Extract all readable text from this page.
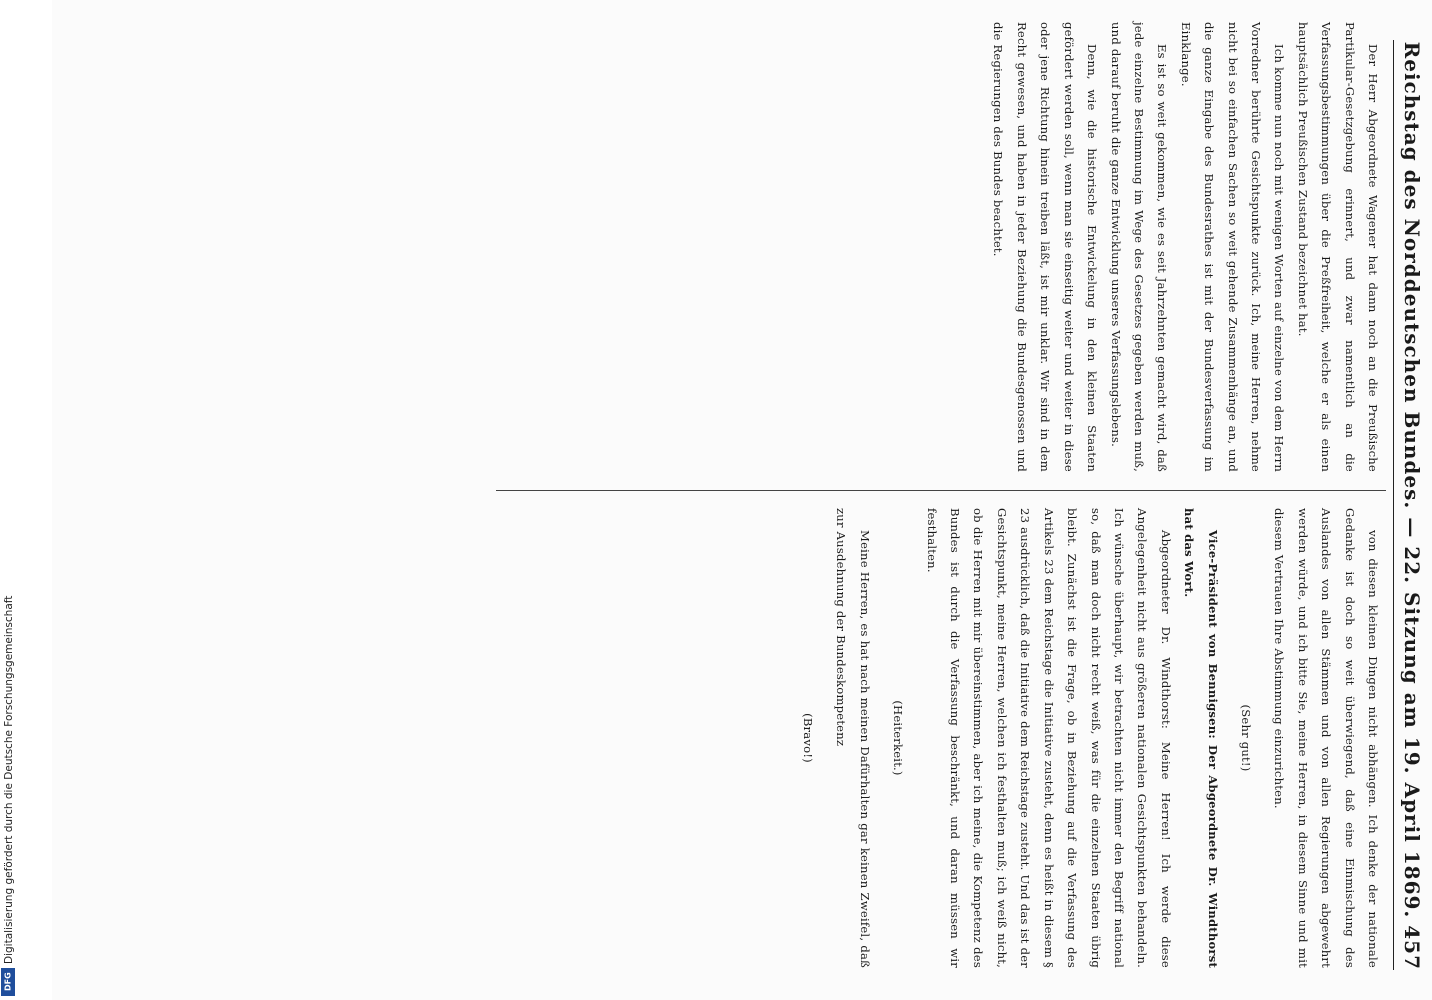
Reichstag des Norddeutschen Bundes. — 22. Sitzung am 19. April 1869.
457

Der Herr Abgeordnete Wagener hat dann noch an die Preußische Partikular-Gesetzgebung erinnert, und zwar namentlich an die Verfassungsbestimmungen über die Preßfreiheit, welche er als einen hauptsächlich Preußischen Zustand bezeichnet hat.

Ich komme nun noch mit wenigen Worten auf einzelne von dem Herrn Vorredner berührte Gesichtspunkte zurück. Ich, meine Herren, nehme nicht bei so einfachen Sachen so weit gehende Zusammenhänge an, und die ganze Eingabe des Bundesrathes ist mit der Bundesverfassung im Einklange.

Es ist so weit gekommen, wie es seit Jahrzehnten gemacht wird, daß jede einzelne Bestimmung im Wege des Gesetzes gegeben werden muß, und darauf beruht die ganze Entwicklung unseres Verfassungslebens.

Denn, wie die historische Entwickelung in den kleinen Staaten gefördert werden soll, wenn man sie einseitig weiter und weiter in diese oder jene Richtung hinein treiben läßt, ist mir unklar. Wir sind in dem Recht gewesen, und haben in jeder Beziehung die Bundesgenossen und die Regierungen des Bundes beachtet.

von diesen kleinen Dingen nicht abhängen. Ich denke der nationale Gedanke ist doch so weit überwiegend, daß eine Einmischung des Auslandes von allen Stämmen und von allen Regierungen abgewehrt werden würde, und ich bitte Sie, meine Herren, in diesem Sinne und mit diesem Vertrauen Ihre Abstimmung einzurichten.

(Sehr gut!)

Vice-Präsident von Bennigsen: Der Abgeordnete Dr. Windthorst hat das Wort.

Abgeordneter Dr. Windthorst: Meine Herren! Ich werde diese Angelegenheit nicht aus größeren nationalen Gesichtspunkten behandeln. Ich wünsche überhaupt, wir betrachten nicht immer den Begriff national so, daß man doch nicht recht weiß, was für die einzelnen Staaten übrig bleibt. Zunächst ist die Frage, ob in Beziehung auf die Verfassung des Artikels 23 dem Reichstage die Initiative zusteht, denn es heißt in diesem § 23 ausdrücklich, daß die Initiative dem Reichstage zusteht. Und das ist der Gesichtspunkt, meine Herren, welchen ich festhalten muß; ich weiß nicht, ob die Herren mit mir übereinstimmen, aber ich meine, die Kompetenz des Bundes ist durch die Verfassung beschränkt, und daran müssen wir festhalten.

(Heiterkeit.)

Meine Herren, es hat nach meinen Dafürhalten gar keinen Zweifel, daß zur Ausdehnung der Bundeskompetenz

(Bravo!)

Digitalisierung gefördert durch die Deutsche Forschungsgemeinschaft
DFG
